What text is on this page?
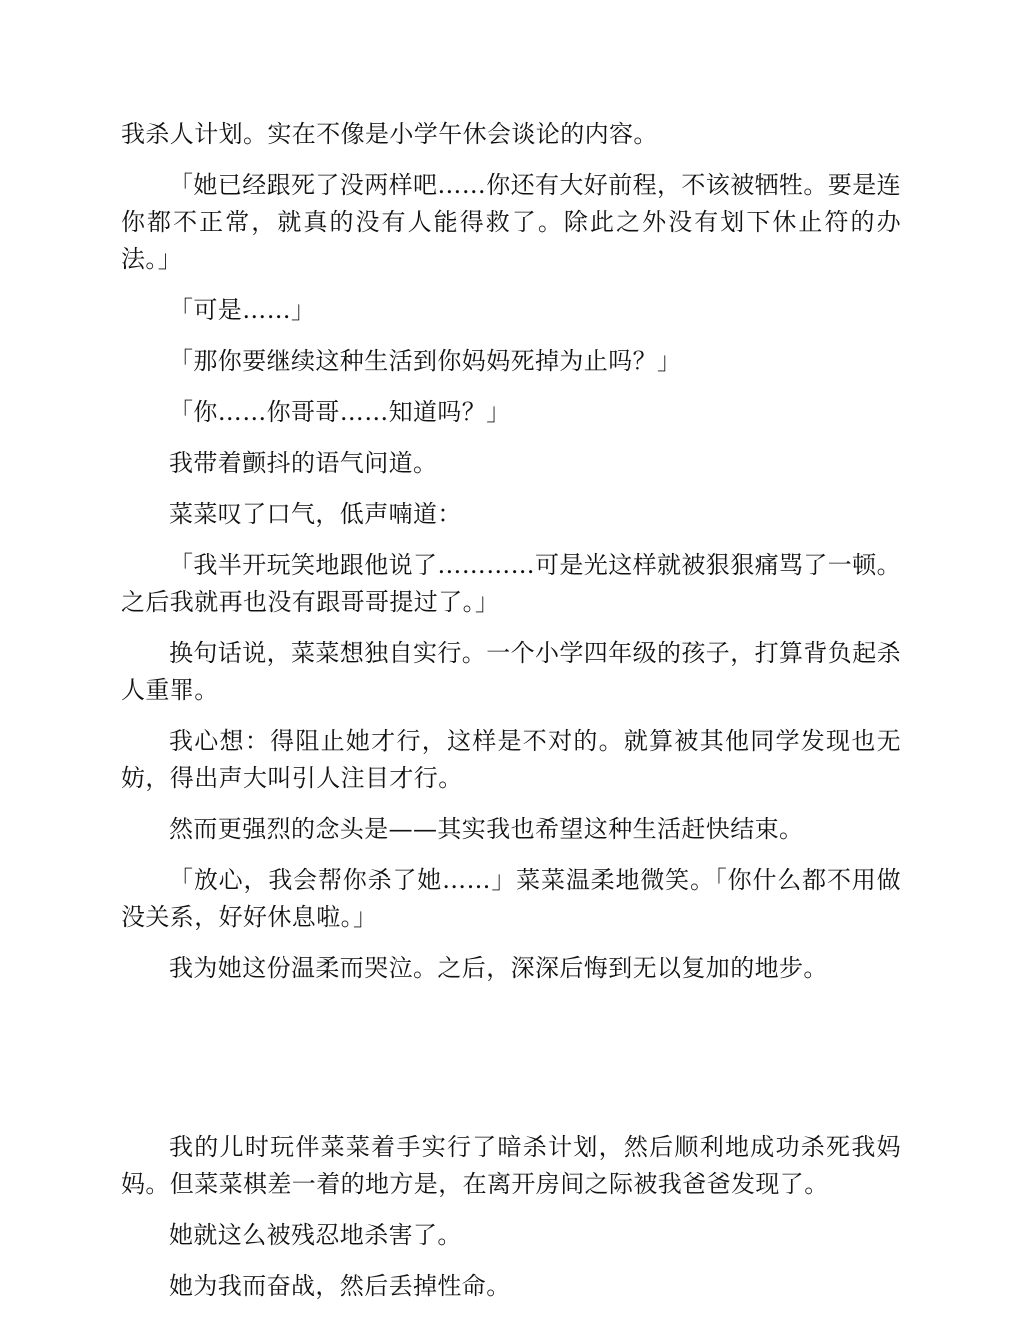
我杀人计划。实在不像是小学午休会谈论的内容。

「她已经跟死了没两样吧……你还有大好前程，不该被牺牲。要是连你都不正常，就真的没有人能得救了。除此之外没有划下休止符的办法。」

「可是……」

「那你要继续这种生活到你妈妈死掉为止吗？」

「你……你哥哥……知道吗？」

我带着颤抖的语气问道。

菜菜叹了口气，低声喃道：

「我半开玩笑地跟他说了…………可是光这样就被狠狠痛骂了一顿。之后我就再也没有跟哥哥提过了。」

换句话说，菜菜想独自实行。一个小学四年级的孩子，打算背负起杀人重罪。

我心想：得阻止她才行，这样是不对的。就算被其他同学发现也无妨，得出声大叫引人注目才行。

然而更强烈的念头是——其实我也希望这种生活赶快结束。

「放心，我会帮你杀了她……」菜菜温柔地微笑。「你什么都不用做没关系，好好休息啦。」

我为她这份温柔而哭泣。之后，深深后悔到无以复加的地步。

我的儿时玩伴菜菜着手实行了暗杀计划，然后顺利地成功杀死我妈妈。但菜菜棋差一着的地方是，在离开房间之际被我爸爸发现了。

她就这么被残忍地杀害了。

她为我而奋战，然后丢掉性命。
